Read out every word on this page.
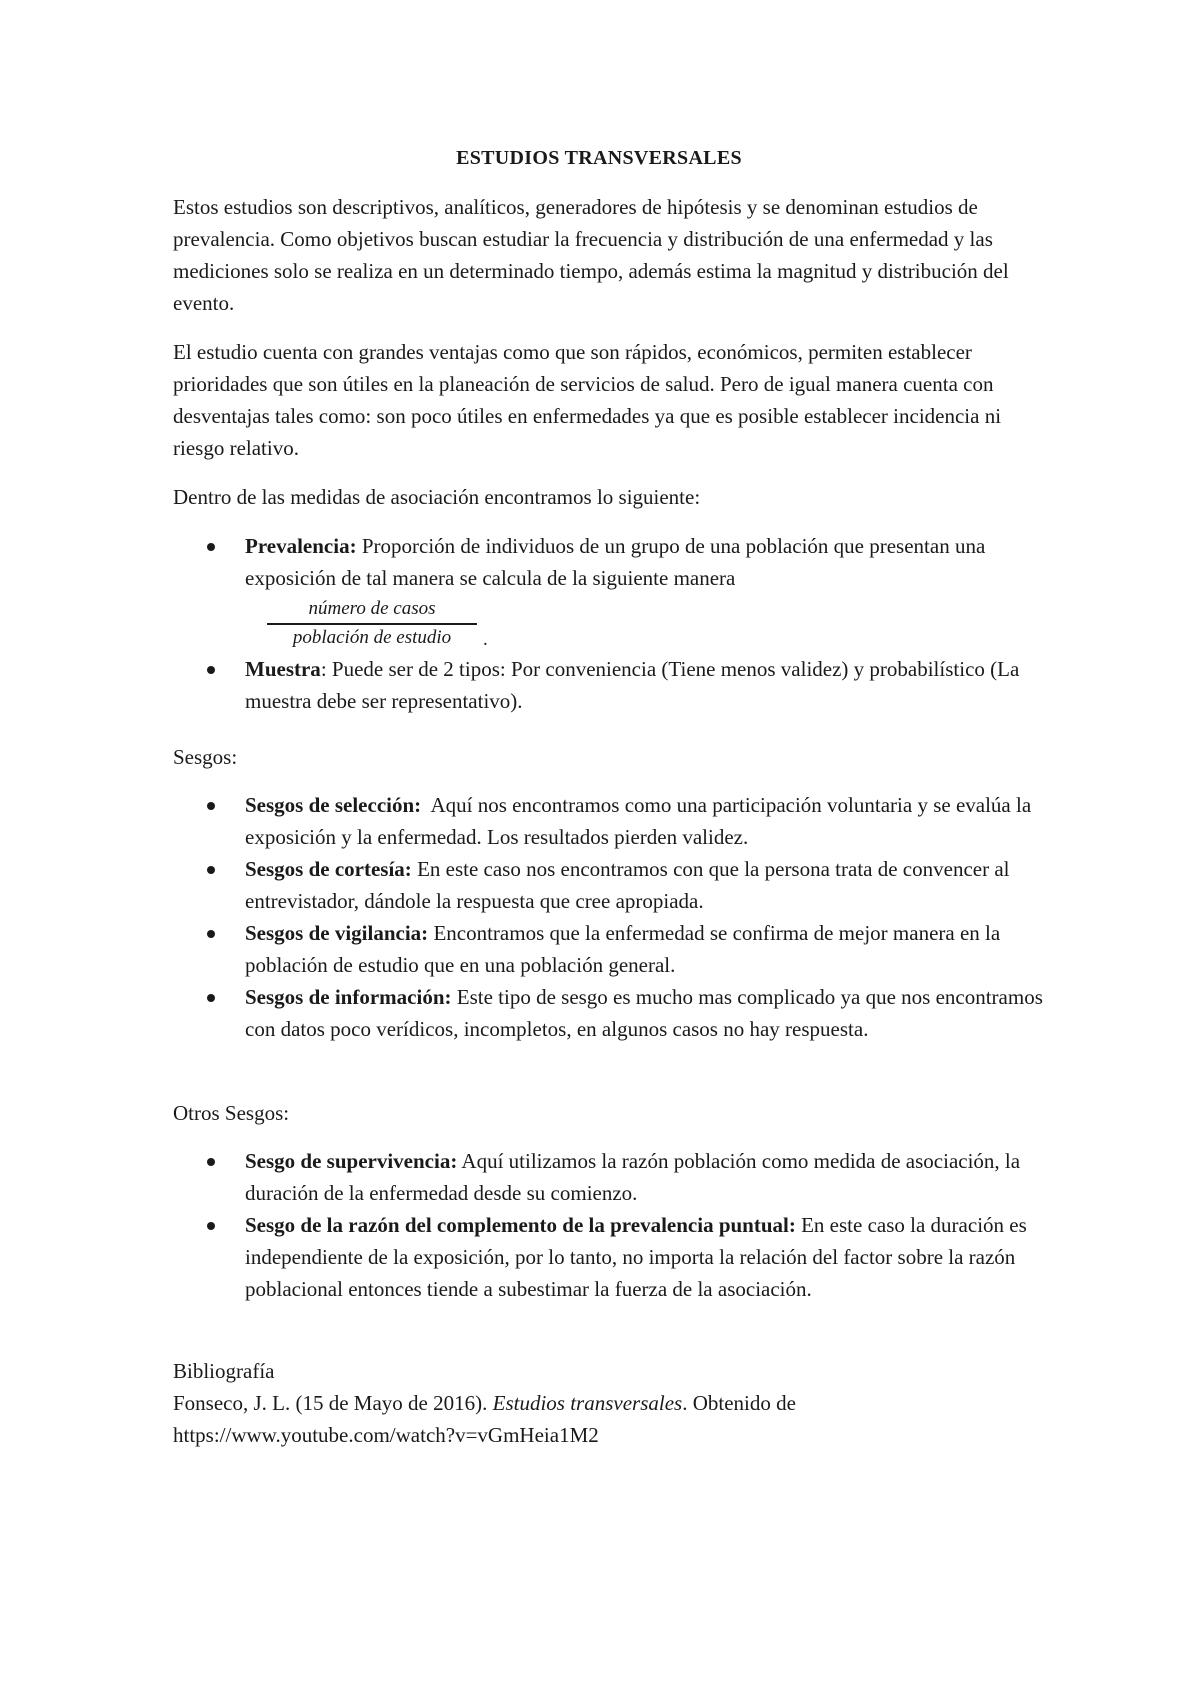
ESTUDIOS TRANSVERSALES

Estos estudios son descriptivos, analíticos, generadores de hipótesis y se denominan estudios de prevalencia. Como objetivos buscan estudiar la frecuencia y distribución de una enfermedad y las mediciones solo se realiza en un determinado tiempo, además estima la magnitud y distribución del evento.

El estudio cuenta con grandes ventajas como que son rápidos, económicos, permiten establecer prioridades que son útiles en la planeación de servicios de salud. Pero de igual manera cuenta con desventajas tales como: son poco útiles en enfermedades ya que es posible establecer incidencia ni riesgo relativo.

Dentro de las medidas de asociación encontramos lo siguiente:

Prevalencia: Proporción de individuos de un grupo de una población que presentan una exposición de tal manera se calcula de la siguiente manera
$\frac{\text{número de casos}}{\text{población de estudio}}$ .
Muestra: Puede ser de 2 tipos: Por conveniencia (Tiene menos validez) y probabilístico (La muestra debe ser representativo).

Sesgos:

Sesgos de selección:  Aquí nos encontramos como una participación voluntaria y se evalúa la exposición y la enfermedad. Los resultados pierden validez.
Sesgos de cortesía: En este caso nos encontramos con que la persona trata de convencer al entrevistador, dándole la respuesta que cree apropiada.
Sesgos de vigilancia: Encontramos que la enfermedad se confirma de mejor manera en la población de estudio que en una población general.
Sesgos de información: Este tipo de sesgo es mucho mas complicado ya que nos encontramos con datos poco verídicos, incompletos, en algunos casos no hay respuesta.

Otros Sesgos:

Sesgo de supervivencia: Aquí utilizamos la razón población como medida de asociación, la duración de la enfermedad desde su comienzo.
Sesgo de la razón del complemento de la prevalencia puntual: En este caso la duración es independiente de la exposición, por lo tanto, no importa la relación del factor sobre la razón poblacional entonces tiende a subestimar la fuerza de la asociación.
Bibliografía
Fonseco, J. L. (15 de Mayo de 2016). Estudios transversales. Obtenido de
https://www.youtube.com/watch?v=vGmHeia1M2
